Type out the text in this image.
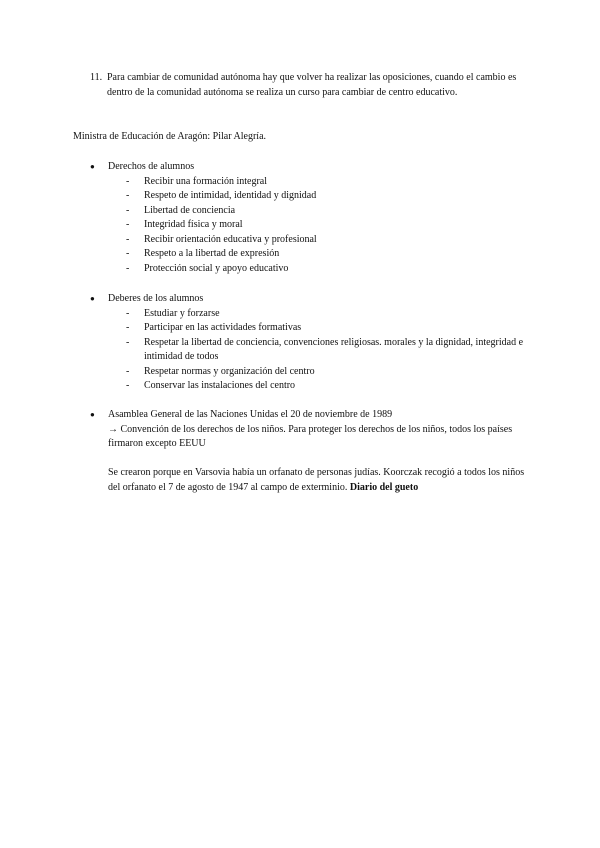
11. Para cambiar de comunidad autónoma hay que volver ha realizar las oposiciones, cuando el cambio es dentro de la comunidad autónoma se realiza un curso para cambiar de centro educativo.
Ministra de Educación de Aragón: Pilar Alegría.
● Derechos de alumnos
- Recibir una formación integral
- Respeto de intimidad, identidad y dignidad
- Libertad de conciencia
- Integridad física y moral
- Recibir orientación educativa y profesional
- Respeto a la libertad de expresión
- Protección social y apoyo educativo
● Deberes de los alumnos
- Estudiar y forzarse
- Participar en las actividades formativas
- Respetar la libertad de conciencia, convenciones religiosas. morales y la dignidad, integridad e intimidad de todos
- Respetar normas y organización del centro
- Conservar las instalaciones del centro
● Asamblea General de las Naciones Unidas el 20 de noviembre de 1989
→ Convención de los derechos de los niños. Para proteger los derechos de los niños, todos los países firmaron excepto EEUU
Se crearon porque en Varsovia había un orfanato de personas judías. Koorczak recogió a todos los niños del orfanato el 7 de agosto de 1947 al campo de exterminio. Diario del gueto
